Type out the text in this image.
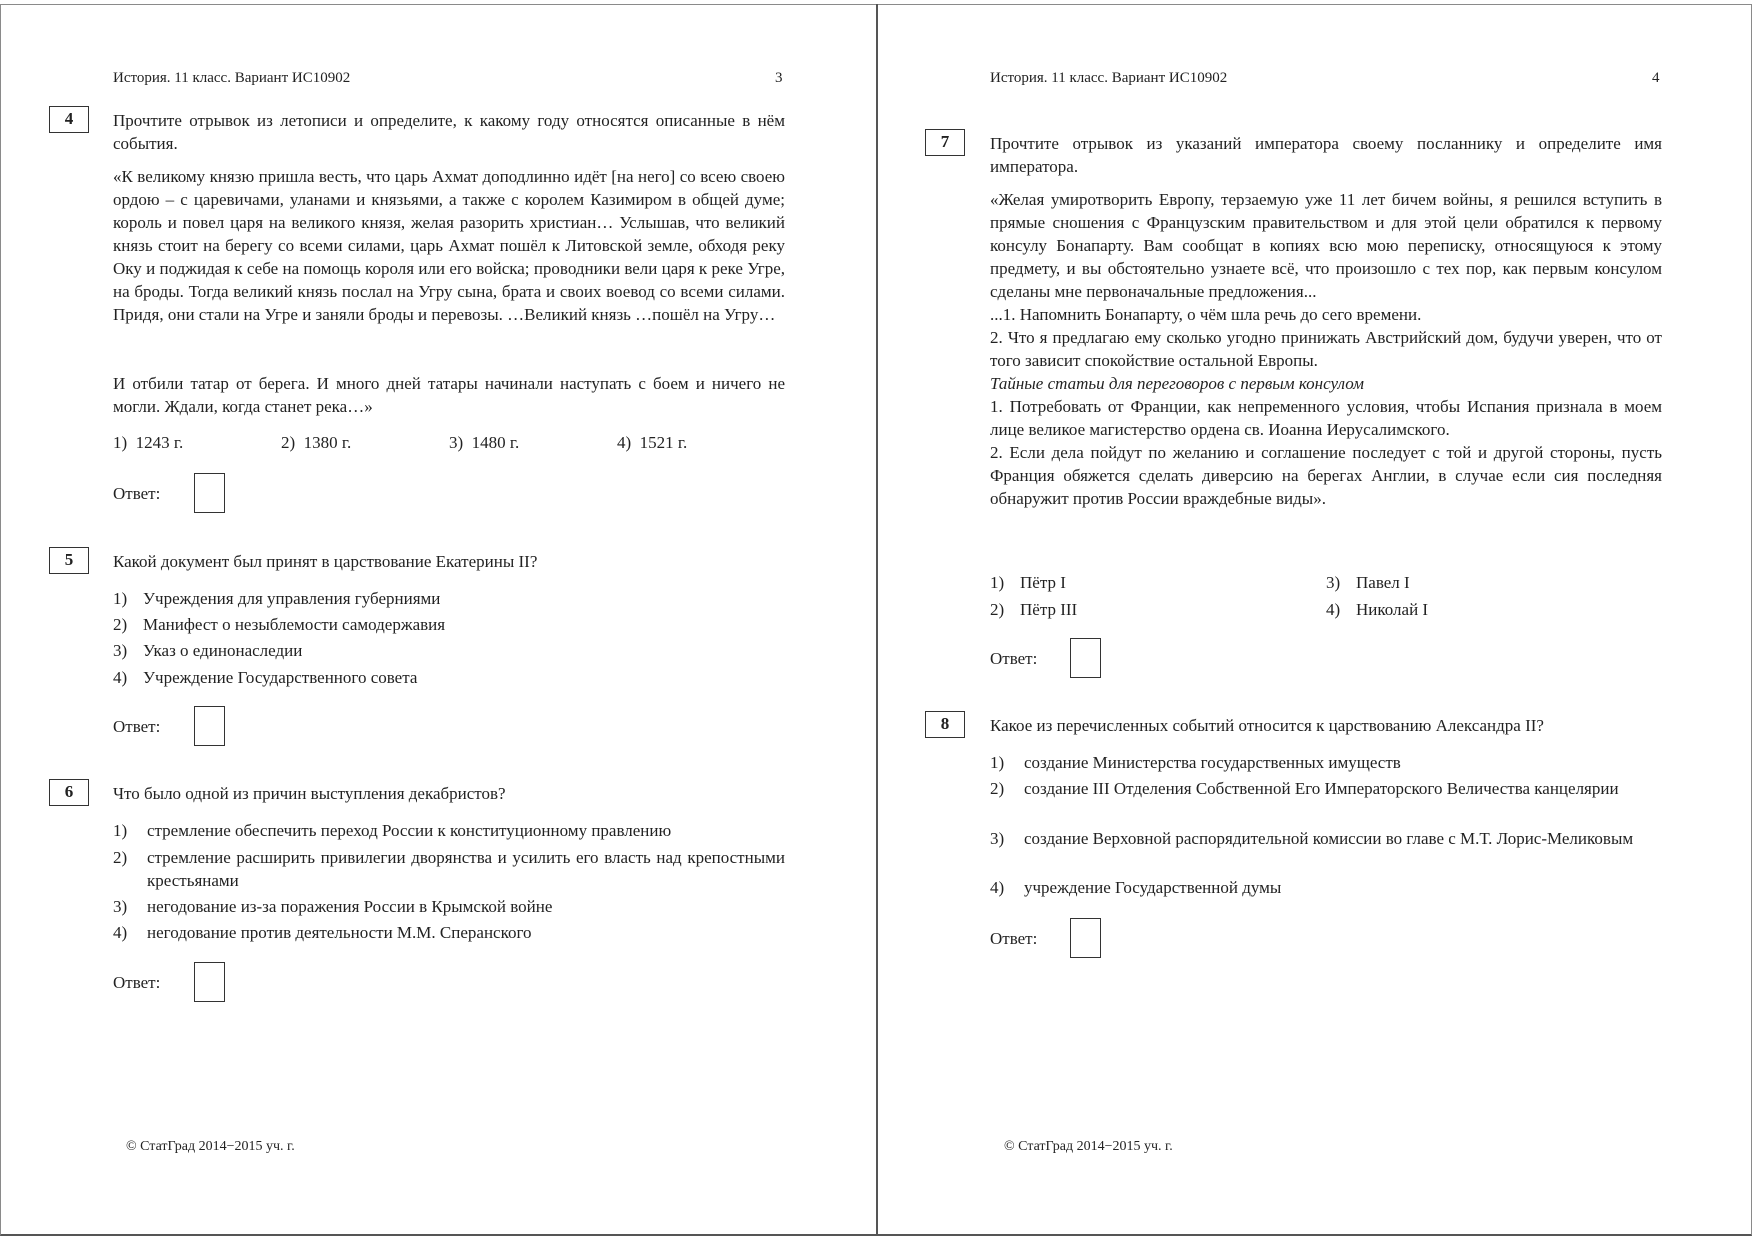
История. 11 класс. Вариант ИС10902	3
4	Прочтите отрывок из летописи и определите, к какому году относятся описанные в нём события.
«К великому князю пришла весть, что царь Ахмат доподлинно идёт [на него] со всею своею ордою – с царевичами, уланами и князьями, а также с королем Казимиром в общей думе; король и повел царя на великого князя, желая разорить христиан… Услышав, что великий князь стоит на берегу со всеми силами, царь Ахмат пошёл к Литовской земле, обходя реку Оку и поджидая к себе на помощь короля или его войска; проводники вели царя к реке Угре, на броды. Тогда великий князь послал на Угру сына, брата и своих воевод со всеми силами. Придя, они стали на Угре и заняли броды и перевозы. …Великий князь …пошёл на Угру…
И отбили татар от берега. И много дней татары начинали наступать с боем и ничего не могли. Ждали, когда станет река…»
1) 1243 г.	2) 1380 г.	3) 1480 г.	4) 1521 г.
Ответ:
5	Какой документ был принят в царствование Екатерины II?
1) Учреждения для управления губерниями
2) Манифест о незыблемости самодержавия
3) Указ о единонаследии
4) Учреждение Государственного совета
Ответ:
6	Что было одной из причин выступления декабристов?
1)	стремление обеспечить переход России к конституционному правлению
2)	стремление расширить привилегии дворянства и усилить его власть над крепостными крестьянами
3)	негодование из-за поражения России в Крымской войне
4)	негодование против деятельности М.М. Сперанского
Ответ:
© СтатГрад 2014−2015 уч. г.
История. 11 класс. Вариант ИС10902	4
7	Прочтите отрывок из указаний императора своему посланнику и определите имя императора.
«Желая умиротворить Европу, терзаемую уже 11 лет бичем войны, я решился вступить в прямые сношения с Французским правительством и для этой цели обратился к первому консулу Бонапарту. Вам сообщат в копиях всю мою переписку, относящуюся к этому предмету, и вы обстоятельно узнаете всё, что произошло с тех пор, как первым консулом сделаны мне первоначальные предложения...
...1. Напомнить Бонапарту, о чём шла речь до сего времени.
2. Что я предлагаю ему сколько угодно принижать Австрийский дом, будучи уверен, что от того зависит спокойствие остальной Европы.
Тайные статьи для переговоров с первым консулом
1. Потребовать от Франции, как непременного условия, чтобы Испания признала в моем лице великое магистерство ордена св. Иоанна Иерусалимского.
2. Если дела пойдут по желанию и соглашение последует с той и другой стороны, пусть Франция обяжется сделать диверсию на берегах Англии, в случае если сия последняя обнаружит против России враждебные виды».
1) Пётр I
2) Пётр III
3) Павел I
4) Николай I
Ответ:
8	Какое из перечисленных событий относится к царствованию Александра II?
1)	создание Министерства государственных имуществ
2)	создание III Отделения Собственной Его Императорского Величества канцелярии
3)	создание Верховной распорядительной комиссии во главе с М.Т. Лорис-Меликовым
4)	учреждение Государственной думы
Ответ:
© СтатГрад 2014−2015 уч. г.
